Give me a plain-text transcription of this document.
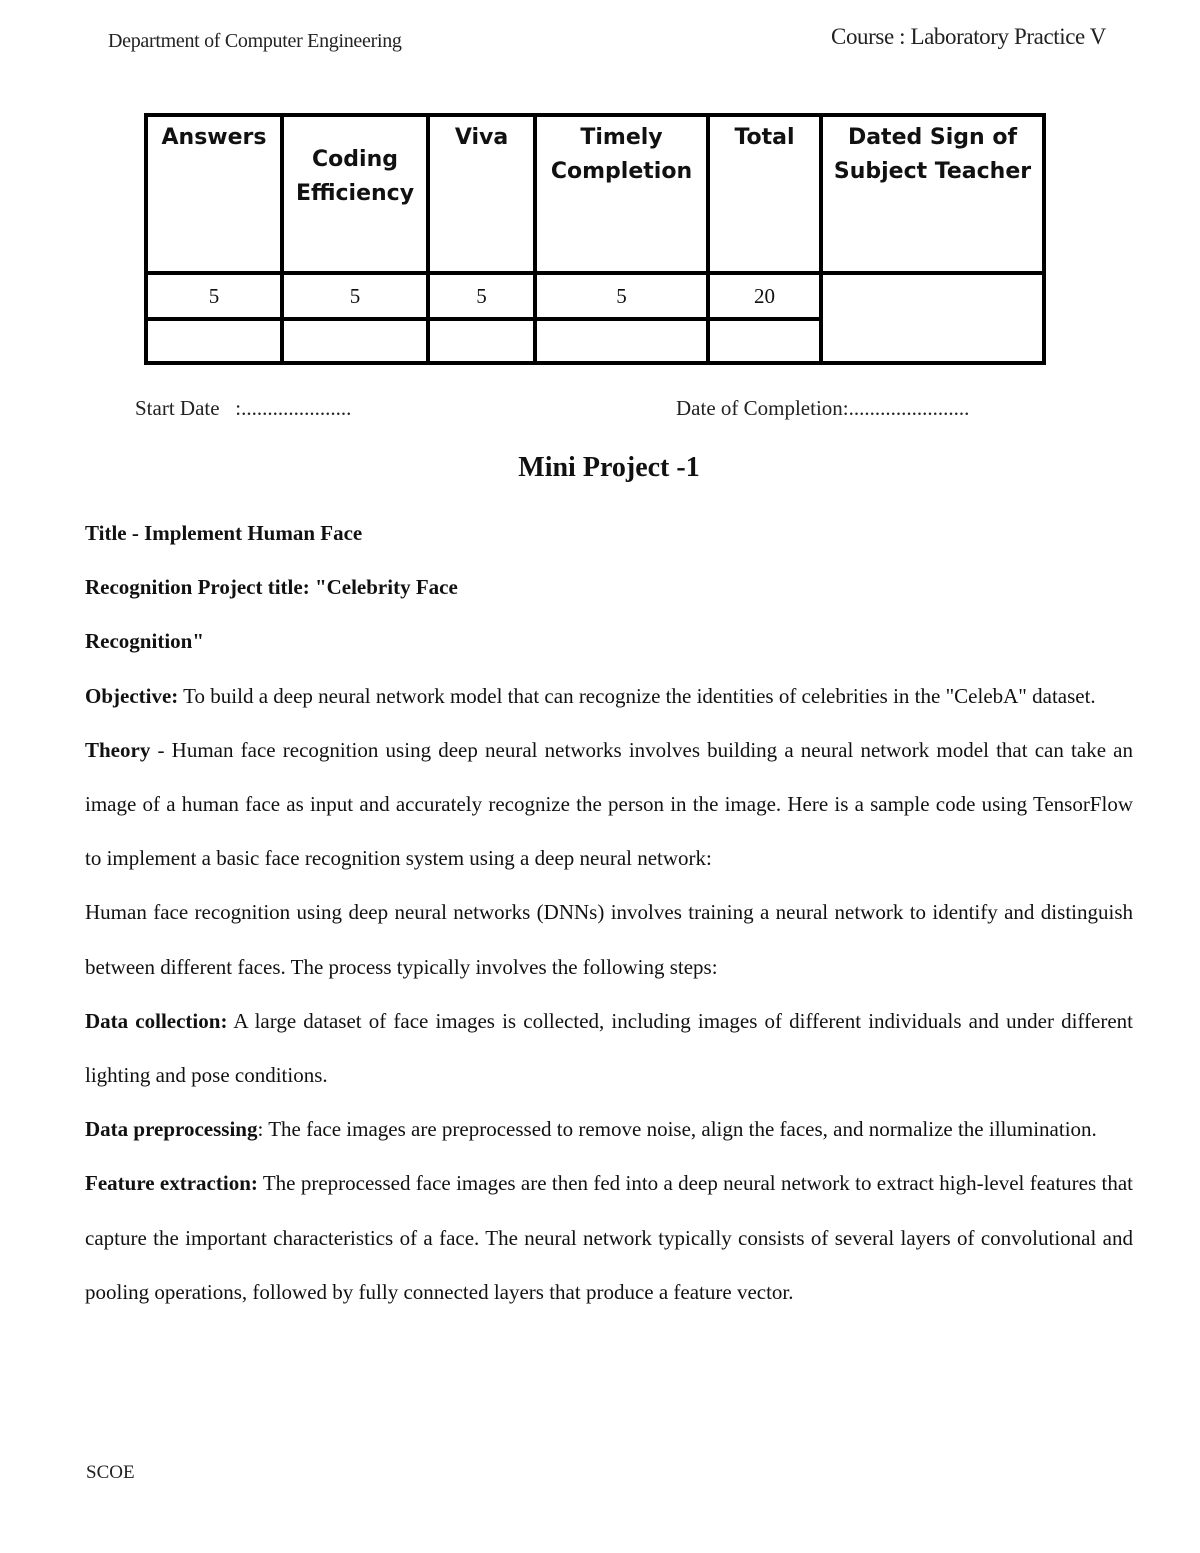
Department of Computer Engineering	Course : Laboratory Practice V
Answers	Coding Efficiency	Viva	Timely Completion	Total	Dated Sign of Subject Teacher
5	5	5	5	20	

Start Date   :.....................	Date of Completion:.......................
Mini Project -1

Title - Implement Human Face

Recognition Project title: "Celebrity Face

Recognition"

Objective: To build a deep neural network model that can recognize the identities of celebrities in the "CelebA" dataset.

Theory - Human face recognition using deep neural networks involves building a neural network model that can take an image of a human face as input and accurately recognize the person in the image. Here is a sample code using TensorFlow to implement a basic face recognition system using a deep neural network:

Human face recognition using deep neural networks (DNNs) involves training a neural network to identify and distinguish between different faces. The process typically involves the following steps:

Data collection: A large dataset of face images is collected, including images of different individuals and under different lighting and pose conditions.

Data preprocessing: The face images are preprocessed to remove noise, align the faces, and normalize the illumination.

Feature extraction: The preprocessed face images are then fed into a deep neural network to extract high-level features that capture the important characteristics of a face. The neural network typically consists of several layers of convolutional and pooling operations, followed by fully connected layers that produce a feature vector.

SCOE
